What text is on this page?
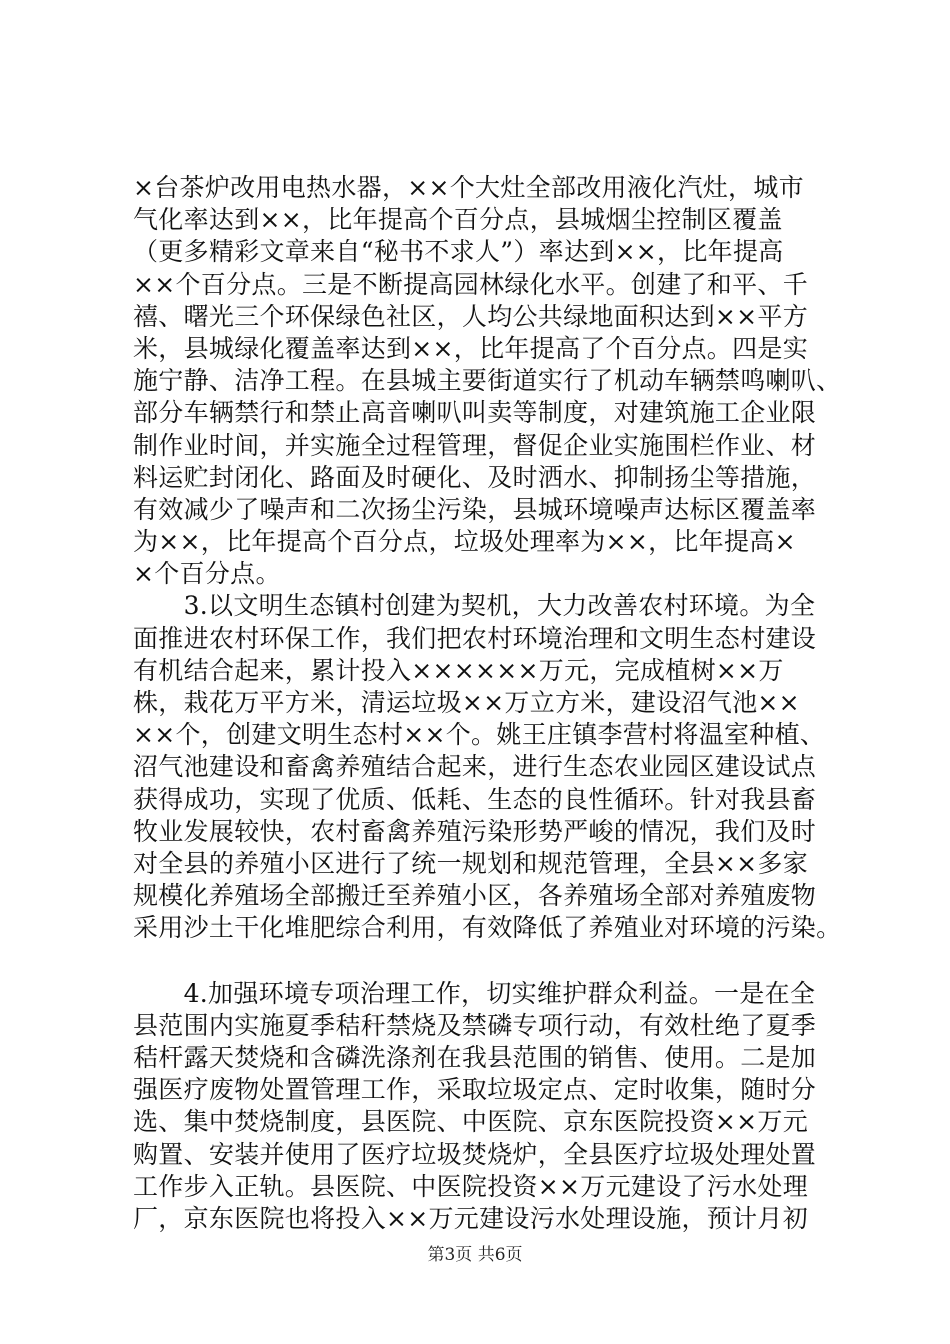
×台茶炉改用电热水器，××个大灶全部改用液化汽灶，城市
气化率达到××，比年提高个百分点，县城烟尘控制区覆盖
（更多精彩文章来自“秘书不求人”）率达到××，比年提高
××个百分点。三是不断提高园林绿化水平。创建了和平、千
禧、曙光三个环保绿色社区，人均公共绿地面积达到××平方
米，县城绿化覆盖率达到××，比年提高了个百分点。四是实
施宁静、洁净工程。在县城主要街道实行了机动车辆禁鸣喇叭、
部分车辆禁行和禁止高音喇叭叫卖等制度，对建筑施工企业限
制作业时间，并实施全过程管理，督促企业实施围栏作业、材
料运贮封闭化、路面及时硬化、及时洒水、抑制扬尘等措施，
有效减少了噪声和二次扬尘污染，县城环境噪声达标区覆盖率
为××，比年提高个百分点，垃圾处理率为××，比年提高×
×个百分点。
　　3.以文明生态镇村创建为契机，大力改善农村环境。为全
面推进农村环保工作，我们把农村环境治理和文明生态村建设
有机结合起来，累计投入××××××万元，完成植树××万
株，栽花万平方米，清运垃圾××万立方米，建设沼气池××
××个，创建文明生态村××个。姚王庄镇李营村将温室种植、
沼气池建设和畜禽养殖结合起来，进行生态农业园区建设试点
获得成功，实现了优质、低耗、生态的良性循环。针对我县畜
牧业发展较快，农村畜禽养殖污染形势严峻的情况，我们及时
对全县的养殖小区进行了统一规划和规范管理，全县××多家
规模化养殖场全部搬迁至养殖小区，各养殖场全部对养殖废物
采用沙土干化堆肥综合利用，有效降低了养殖业对环境的污染。
　　4.加强环境专项治理工作，切实维护群众利益。一是在全
县范围内实施夏季秸秆禁烧及禁磷专项行动，有效杜绝了夏季
秸杆露天焚烧和含磷洗涤剂在我县范围的销售、使用。二是加
强医疗废物处置管理工作，采取垃圾定点、定时收集，随时分
选、集中焚烧制度，县医院、中医院、京东医院投资××万元
购置、安装并使用了医疗垃圾焚烧炉，全县医疗垃圾处理处置
工作步入正轨。县医院、中医院投资××万元建设了污水处理
厂，京东医院也将投入××万元建设污水处理设施，预计月初
第3页 共6页
